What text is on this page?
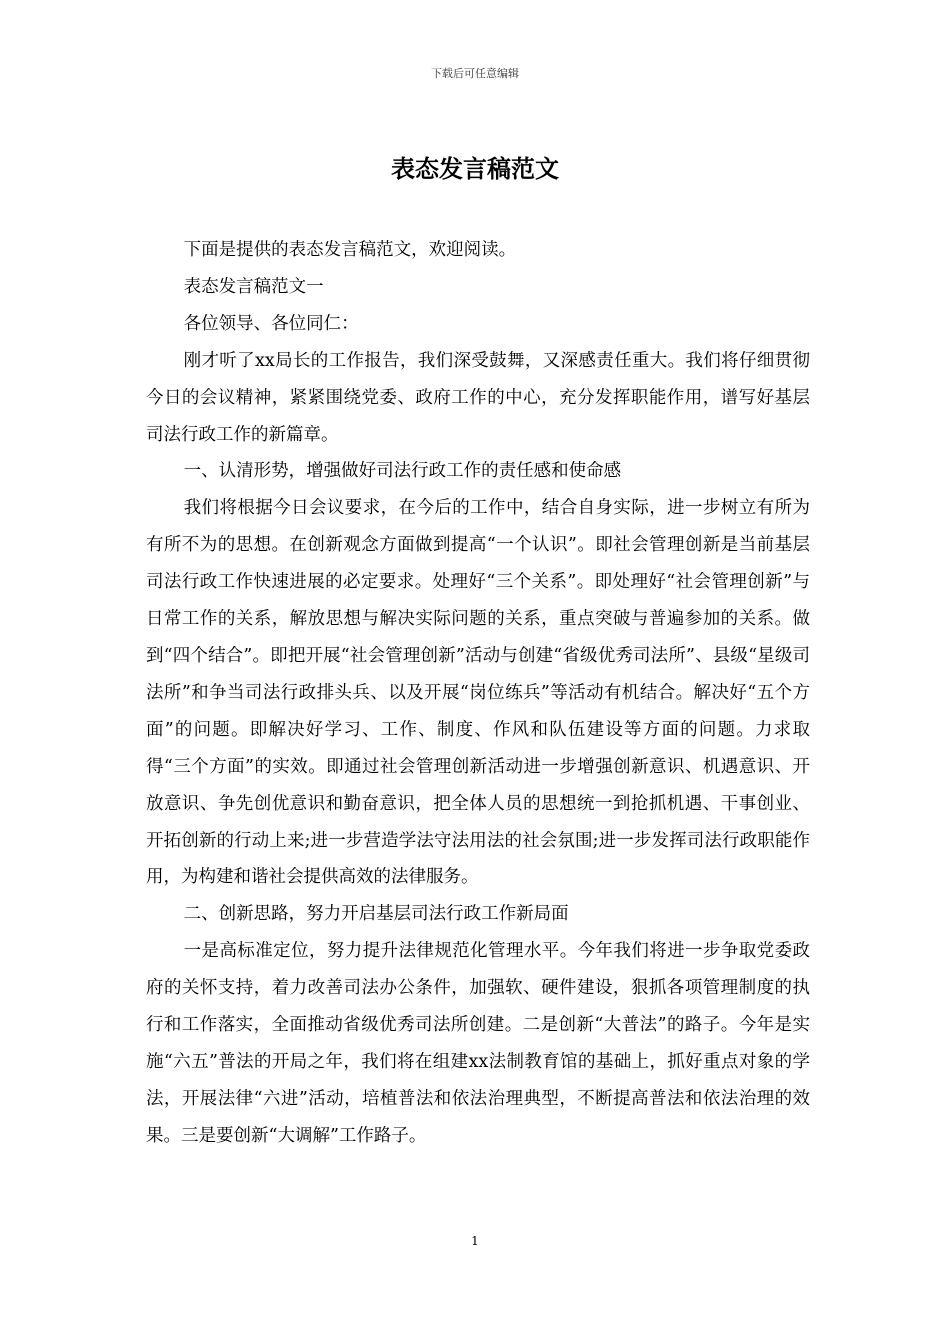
下载后可任意编辑
表态发言稿范文

下面是提供的表态发言稿范文，欢迎阅读。

表态发言稿范文一

各位领导、各位同仁：

刚才听了xx局长的工作报告，我们深受鼓舞，又深感责任重大。我们将仔细贯彻今日的会议精神，紧紧围绕党委、政府工作的中心，充分发挥职能作用，谱写好基层司法行政工作的新篇章。

一、认清形势，增强做好司法行政工作的责任感和使命感

我们将根据今日会议要求，在今后的工作中，结合自身实际，进一步树立有所为有所不为的思想。在创新观念方面做到提高“一个认识”。即社会管理创新是当前基层司法行政工作快速进展的必定要求。处理好“三个关系”。即处理好“社会管理创新”与日常工作的关系，解放思想与解决实际问题的关系，重点突破与普遍参加的关系。做到“四个结合”。即把开展“社会管理创新”活动与创建“省级优秀司法所”、县级“星级司法所”和争当司法行政排头兵、以及开展“岗位练兵”等活动有机结合。解决好“五个方面”的问题。即解决好学习、工作、制度、作风和队伍建设等方面的问题。力求取得“三个方面”的实效。即通过社会管理创新活动进一步增强创新意识、机遇意识、开放意识、争先创优意识和勤奋意识，把全体人员的思想统一到抢抓机遇、干事创业、开拓创新的行动上来;进一步营造学法守法用法的社会氛围;进一步发挥司法行政职能作用，为构建和谐社会提供高效的法律服务。

二、创新思路，努力开启基层司法行政工作新局面

一是高标准定位，努力提升法律规范化管理水平。今年我们将进一步争取党委政府的关怀支持，着力改善司法办公条件，加强软、硬件建设，狠抓各项管理制度的执行和工作落实，全面推动省级优秀司法所创建。二是创新“大普法”的路子。今年是实施“六五”普法的开局之年，我们将在组建xx法制教育馆的基础上，抓好重点对象的学法，开展法律“六进”活动，培植普法和依法治理典型，不断提高普法和依法治理的效果。三是要创新“大调解”工作路子。

1
